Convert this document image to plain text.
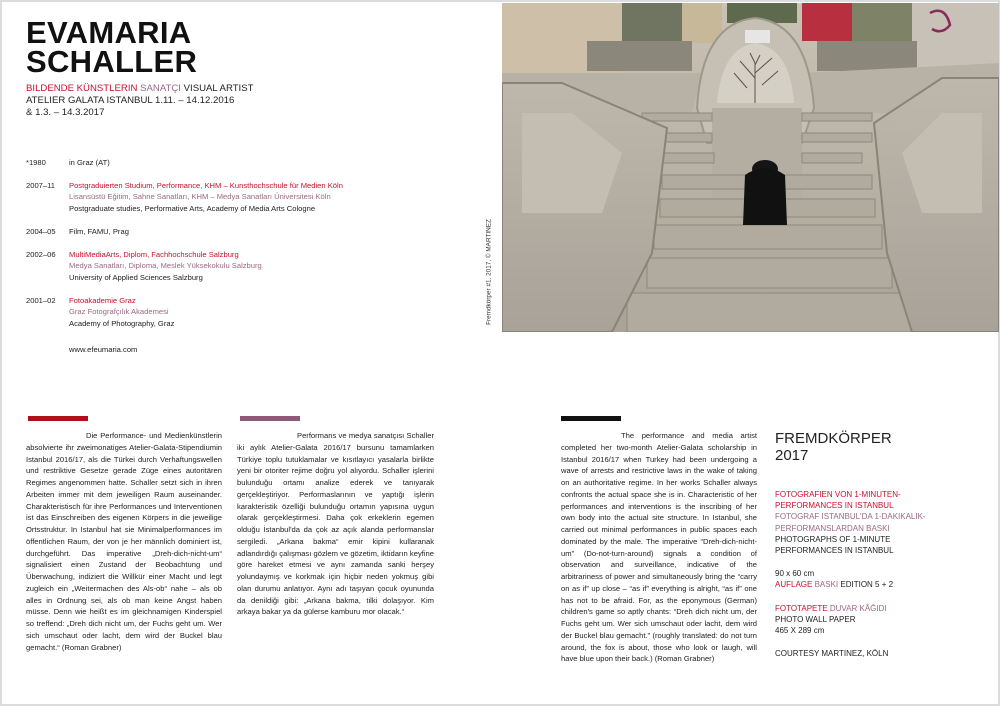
EVAMARIA
SCHALLER
BILDENDE KÜNSTLERIN SANATÇI VISUAL ARTIST
ATELIER GALATA ISTANBUL 1.11. – 14.12.2016
& 1.3. – 14.3.2017
*1980	in Graz (AT)
2007–11	Postgraduierten Studium, Performance, KHM – Kunsthochschule für Medien Köln
Lisansüstü Eğitim, Sahne Sanatları, KHM – Medya Sanatları Üniversitesi Köln
Postgraduate studies, Performative Arts, Academy of Media Arts Cologne
2004–05	Film, FAMU, Prag
2002–06	MultiMediaArts, Diplom, Fachhochschule Salzburg
Medya Sanatları, Diploma, Meslek Yüksekokulu Salzburg
University of Applied Sciences Salzburg
2001–02	Fotoakademie Graz
Graz Fotografçılık Akademesi
Academy of Photography, Graz
www.efeumaria.com
Fremdkörper #1, 2017, © MARTINEZ

Die Performance- und Medienkünstlerin absolvierte ihr zweimonatiges Atelier-Galata-Stipendiumin Istanbul 2016/17, als die Türkei durch Verhaftungswellen und restriktive Gesetze gerade Züge eines autoritären Regimes angenommen hatte. Schaller setzt sich in ihren Arbeiten immer mit dem jeweiligen Raum auseinander. Charakteristisch für ihre Performances und Interventionen ist das Einschreiben des eigenen Körpers in die jeweilige Ortsstruktur. In Istanbul hat sie Minimalperformances im öffentlichen Raum, der von je her männlich dominiert ist, durchgeführt. Das imperative „Dreh-dich-nicht-um“ signalisiert einen Zustand der Beobachtung und Überwachung, indiziert die Willkür einer Macht und legt zugleich ein „Weitermachen des Als-ob“ nahe – als ob alles in Ordnung sei, als ob man keine Angst haben müsse. Denn wie heißt es im gleichnamigen Kinderspiel so treffend: „Dreh dich nicht um, der Fuchs geht um. Wer sich umschaut oder lacht, dem wird der Buckel blau gemacht.“ (Roman Grabner)

Performans ve medya sanatçısı Schaller iki aylık Atelier-Galata 2016/17 bursunu tamamlarken Türkiye toplu tutuklamalar ve kısıtlayıcı yasalarla birlikte yeni bir otoriter rejime doğru yol alıyordu. Schaller işlerini bulunduğu ortamı analize ederek ve tanıyarak gerçekleştiriyor. Performaslarının ve yaptığı işlerin karakteristik özelliği bulunduğu ortamın yapısına uygun olarak gerçekleştirmesi. Daha çok erkeklerin egemen olduğu İstanbul'da da çok az açık alanda performanslar sergiledi. „Arkana bakma“ emir kipini kullaranak adlandırdığı çalışması gözlem ve gözetim, iktidarın keyfine göre hareket etmesi ve aynı zamanda sanki herşey yolundaymış ve korkmak için hiçbir neden yokmuş gibi olan durumu anlatıyor. Aynı adı taşıyan çocuk oyununda da denildiği gibi: „Arkana bakma, tilki dolaşıyor. Kim arkaya bakar ya da gülerse kamburu mor olacak.“

The performance and media artist completed her two-month Atelier-Galata scholarship in Istanbul 2016/17 when Turkey had been undergoing a wave of arrests and restrictive laws in the wake of taking on an authoritative regime. In her works Schaller always confronts the actual space she is in. Characteristic of her performances and interventions is the inscribing of her own body into the actual site structure. In Istanbul, she carried out minimal performances in public spaces each dominated by the male. The imperative “Dreh-dich-nicht-um” (Do-not-turn-around) signals a condition of observation and surveillance, indicative of the arbitrariness of power and simultaneously bring the “carry on as if” up close – “as if” everything is alright, “as if” one has not to be afraid. For, as the eponymous (German) children's game so aptly chants: “Dreh dich nicht um, der Fuchs geht um. Wer sich umschaut oder lacht, dem wird der Buckel blau gemacht.” (roughly translated: do not turn around, the fox is about, those who look or laugh, will have blue upon their back.) (Roman Grabner)

FREMDKÖRPER
2017
FOTOGRAFIEN VON 1-MINUTEN-
PERFORMANCES IN ISTANBUL
FOTOGRAF ISTANBUL'DA 1-DAKIKALIK-
PERFORMANSLARDAN BASKI
PHOTOGRAPHS OF 1-MINUTE
PERFORMANCES IN ISTANBUL
90 x 60 cm
AUFLAGE BASKI EDITION 5 + 2
FOTOTAPETE DUVAR KÂĞIDI
PHOTO WALL PAPER
465 X 289 cm
COURTESY MARTINEZ, KÖLN
